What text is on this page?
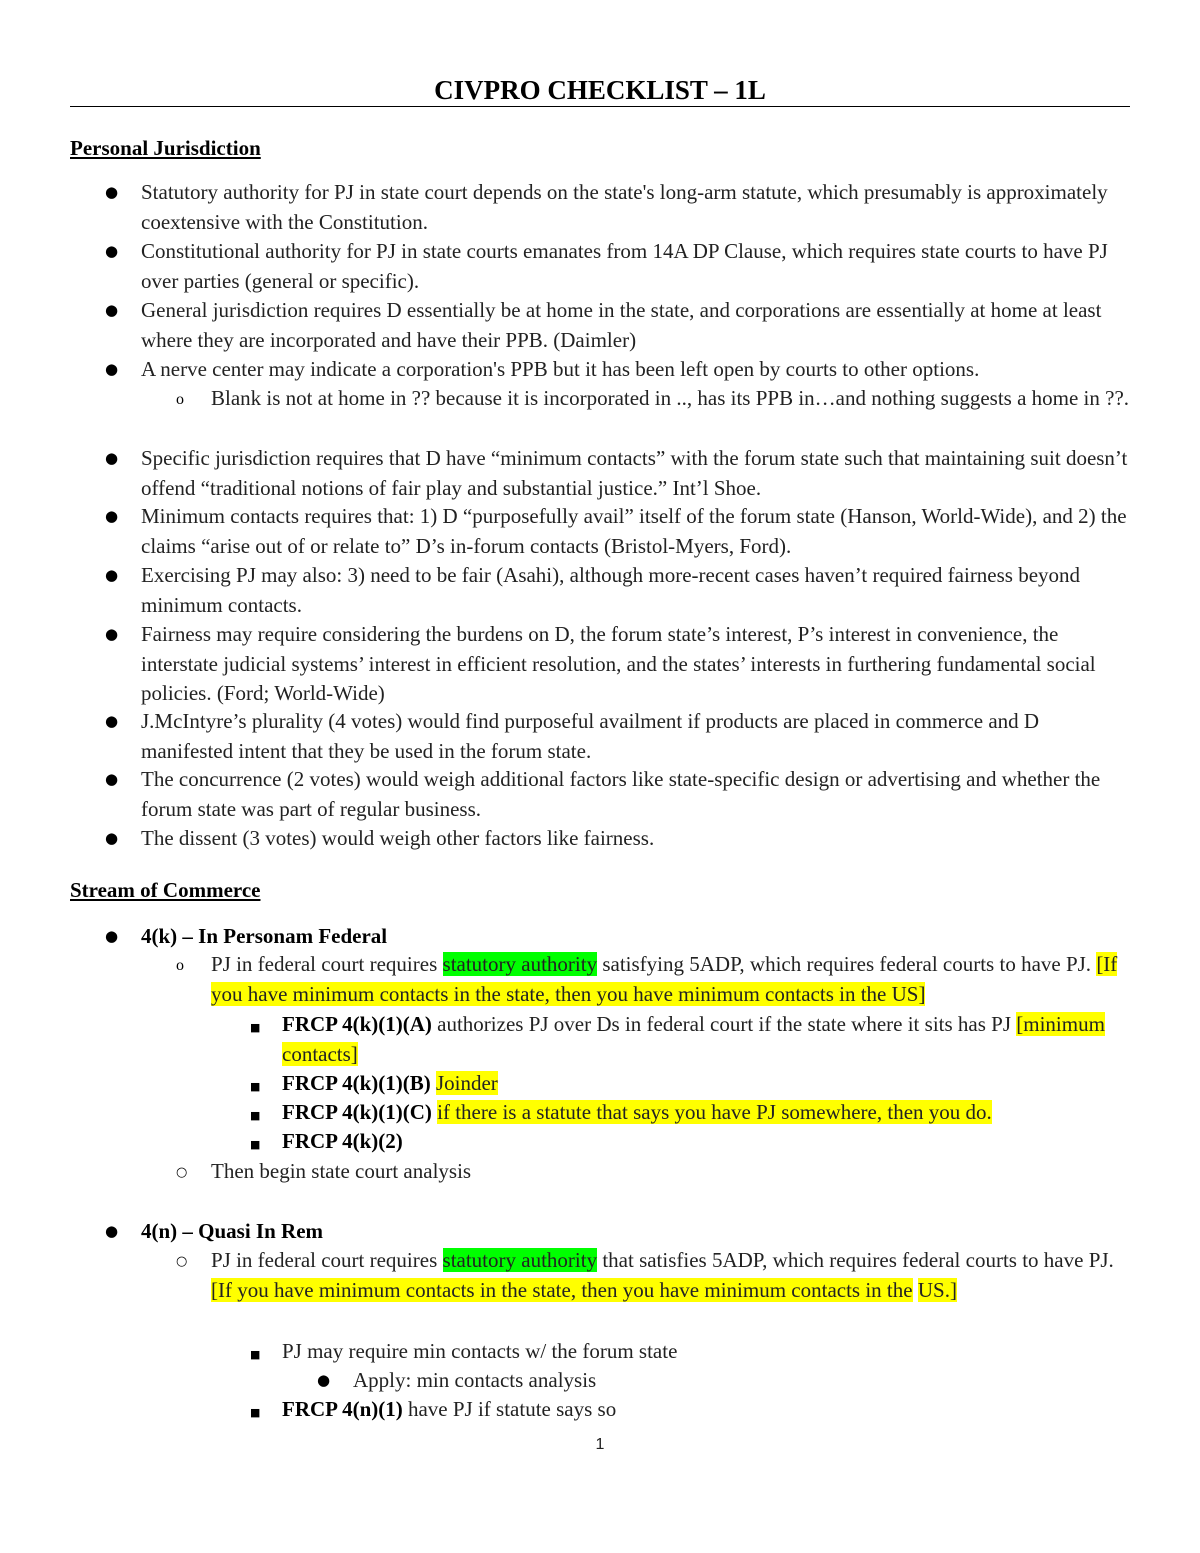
CIVPRO CHECKLIST – 1L
Personal Jurisdiction
● Statutory authority for PJ in state court depends on the state's long-arm statute, which presumably is approximately coextensive with the Constitution.
● Constitutional authority for PJ in state courts emanates from 14A DP Clause, which requires state courts to have PJ over parties (general or specific).
● General jurisdiction requires D essentially be at home in the state, and corporations are essentially at home at least where they are incorporated and have their PPB. (Daimler)
● A nerve center may indicate a corporation's PPB but it has been left open by courts to other options.
o Blank is not at home in ?? because it is incorporated in .., has its PPB in…and nothing suggests a home in ??.
● Specific jurisdiction requires that D have “minimum contacts” with the forum state such that maintaining suit doesn’t offend “traditional notions of fair play and substantial justice.” Int’l Shoe.
● Minimum contacts requires that: 1) D “purposefully avail” itself of the forum state (Hanson, World-Wide), and 2) the claims “arise out of or relate to” D’s in-forum contacts (Bristol-Myers, Ford).
● Exercising PJ may also: 3) need to be fair (Asahi), although more-recent cases haven’t required fairness beyond minimum contacts.
● Fairness may require considering the burdens on D, the forum state’s interest, P’s interest in convenience, the interstate judicial systems’ interest in efficient resolution, and the states’ interests in furthering fundamental social policies. (Ford; World-Wide)
● J.McIntyre’s plurality (4 votes) would find purposeful availment if products are placed in commerce and D manifested intent that they be used in the forum state.
● The concurrence (2 votes) would weigh additional factors like state-specific design or advertising and whether the forum state was part of regular business.
● The dissent (3 votes) would weigh other factors like fairness.
Stream of Commerce
● 4(k) – In Personam Federal
o PJ in federal court requires statutory authority satisfying 5ADP, which requires federal courts to have PJ. [If you have minimum contacts in the state, then you have minimum contacts in the US]
■ FRCP 4(k)(1)(A) authorizes PJ over Ds in federal court if the state where it sits has PJ [minimum contacts]
■ FRCP 4(k)(1)(B) Joinder
■ FRCP 4(k)(1)(C) if there is a statute that says you have PJ somewhere, then you do.
■ FRCP 4(k)(2)
○ Then begin state court analysis
● 4(n) – Quasi In Rem
○ PJ in federal court requires statutory authority that satisfies 5ADP, which requires federal courts to have PJ. [If you have minimum contacts in the state, then you have minimum contacts in the US.]
■ PJ may require min contacts w/ the forum state
● Apply: min contacts analysis
■ FRCP 4(n)(1) have PJ if statute says so
1
